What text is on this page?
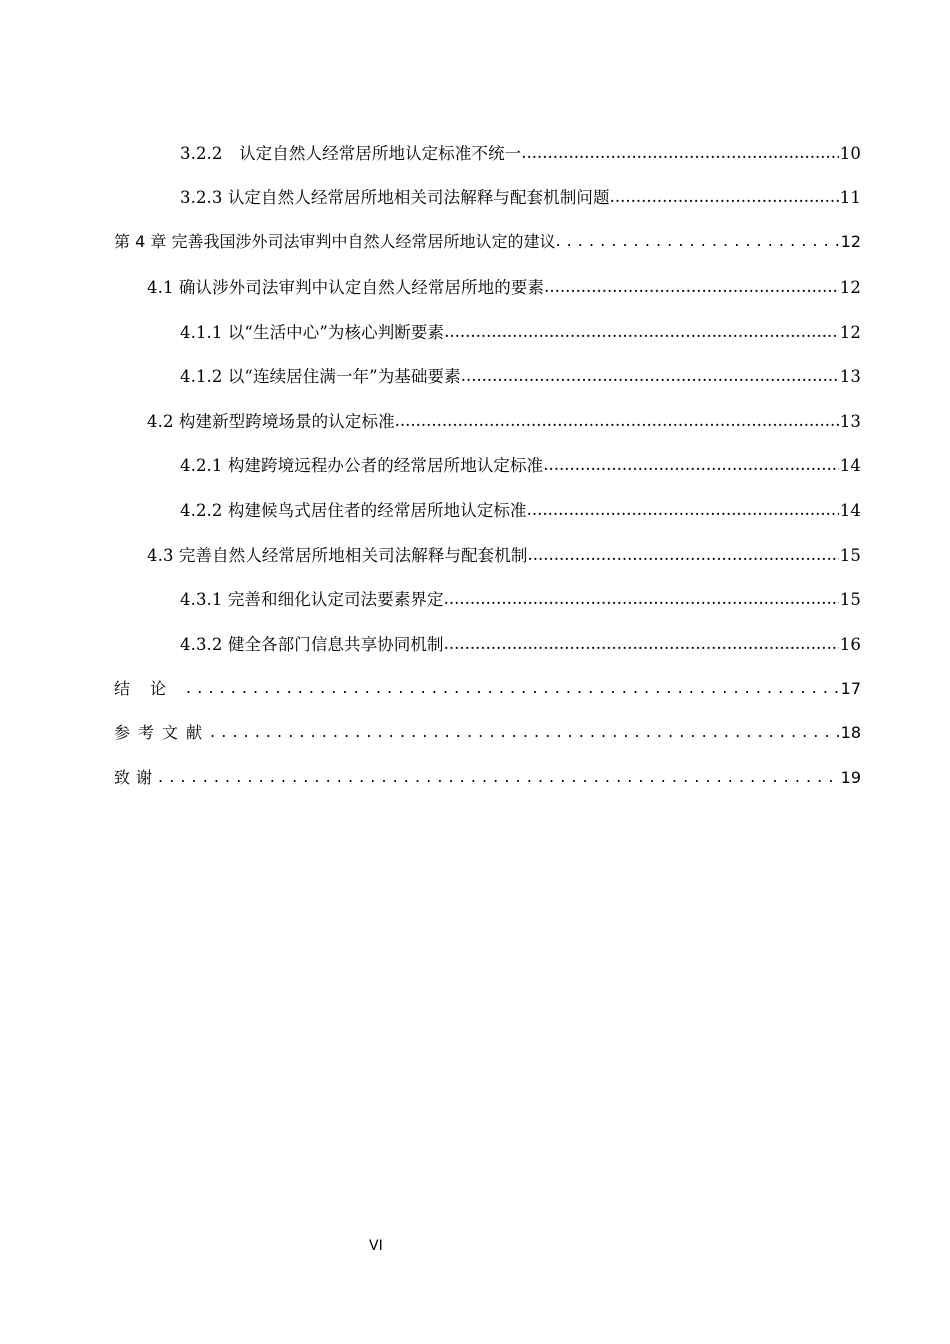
3.2.2　认定自然人经常居所地认定标准不统一 .....	10
3.2.3 认定自然人经常居所地相关司法解释与配套机制问题 .....	11
第 4 章 完善我国涉外司法审判中自然人经常居所地认定的建议 . . .	12
4.1 确认涉外司法审判中认定自然人经常居所地的要素 .....	12
4.1.1 以“生活中心”为核心判断要素 .....	12
4.1.2 以“连续居住满一年”为基础要素 .....	13
4.2 构建新型跨境场景的认定标准 .....	13
4.2.1 构建跨境远程办公者的经常居所地认定标准 .....	14
4.2.2 构建候鸟式居住者的经常居所地认定标准 .....	14
4.3 完善自然人经常居所地相关司法解释与配套机制 .....	15
4.3.1 完善和细化认定司法要素界定 .....	15
4.3.2 健全各部门信息共享协同机制 .....	16
结论 . . .	17
参考文献 . . .	18
致谢 . . .	19
VI
